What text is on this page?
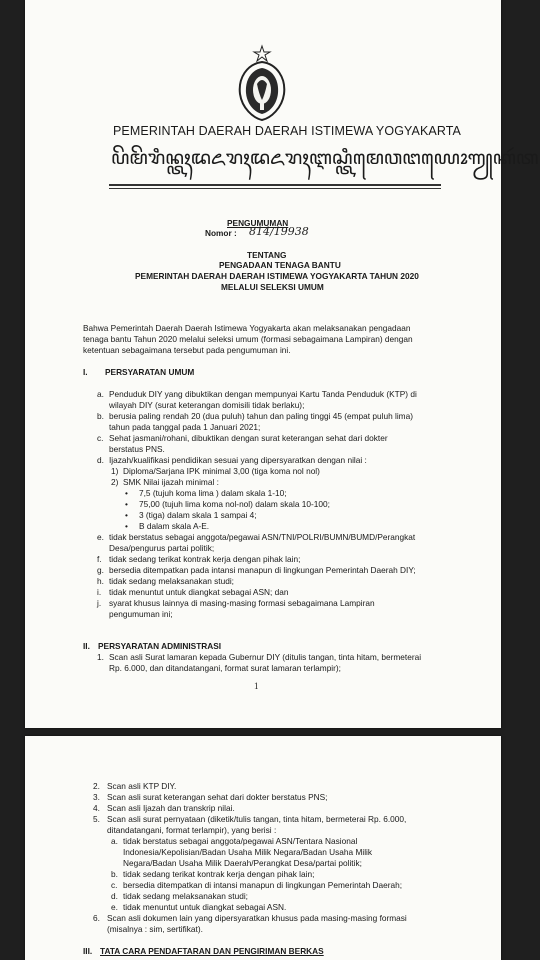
PEMERINTAH DAERAH DAERAH ISTIMEWA YOGYAKARTA
ꦥꦼꦩꦼꦫꦶꦤ꧀ꦠꦃꦢꦌꦫꦃꦢꦌꦫꦃꦆꦱ꧀ꦠꦶꦩꦺꦮꦔꦪꦺꦴꦒꦾꦏꦂꦠ
PENGUMUMAN
Nomor : 814/19938
TENTANG
PENGADAAN TENAGA BANTU
PEMERINTAH DAERAH DAERAH ISTIMEWA YOGYAKARTA TAHUN 2020
MELALUI SELEKSI UMUM
Bahwa Pemerintah Daerah Daerah Istimewa Yogyakarta akan melaksanakan pengadaan
tenaga bantu Tahun 2020 melalui seleksi umum (formasi sebagaimana Lampiran) dengan
ketentuan sebagaimana tersebut pada pengumuman ini.
I. PERSYARATAN UMUM
a. Penduduk DIY yang dibuktikan dengan mempunyai Kartu Tanda Penduduk (KTP) di
wilayah DIY (surat keterangan domisili tidak berlaku);
b. berusia paling rendah 20 (dua puluh) tahun dan paling tinggi 45 (empat puluh lima)
tahun pada tanggal pada 1 Januari 2021;
c. Sehat jasmani/rohani, dibuktikan dengan surat keterangan sehat dari dokter
berstatus PNS.
d. Ijazah/kualifikasi pendidikan sesuai yang dipersyaratkan dengan nilai :
1) Diploma/Sarjana IPK minimal 3,00 (tiga koma nol nol)
2) SMK Nilai ijazah minimal :
• 7,5 (tujuh koma lima ) dalam skala 1-10;
• 75,00 (tujuh lima koma nol-nol) dalam skala 10-100;
• 3 (tiga) dalam skala 1 sampai 4;
• B dalam skala A-E.
e. tidak berstatus sebagai anggota/pegawai ASN/TNI/POLRI/BUMN/BUMD/Perangkat
Desa/pengurus partai politik;
f. tidak sedang terikat kontrak kerja dengan pihak lain;
g. bersedia ditempatkan pada intansi manapun di lingkungan Pemerintah Daerah DIY;
h. tidak sedang melaksanakan studi;
i. tidak menuntut untuk diangkat sebagai ASN; dan
j. syarat khusus lainnya di masing-masing formasi sebagaimana Lampiran
pengumuman ini;
II. PERSYARATAN ADMINISTRASI
1. Scan asli Surat lamaran kepada Gubernur DIY (ditulis tangan, tinta hitam, bermeterai
Rp. 6.000, dan ditandatangani, format surat lamaran terlampir);
1
2. Scan asli KTP DIY.
3. Scan asli surat keterangan sehat dari dokter berstatus PNS;
4. Scan asli Ijazah dan transkrip nilai.
5. Scan asli surat pernyataan (diketik/tulis tangan, tinta hitam, bermeterai Rp. 6.000,
ditandatangani, format terlampir), yang berisi :
a. tidak berstatus sebagai anggota/pegawai ASN/Tentara Nasional
Indonesia/Kepolisian/Badan Usaha Milik Negara/Badan Usaha Milik
Negara/Badan Usaha Milik Daerah/Perangkat Desa/partai politik;
b. tidak sedang terikat kontrak kerja dengan pihak lain;
c. bersedia ditempatkan di intansi manapun di lingkungan Pemerintah Daerah;
d. tidak sedang melaksanakan studi;
e. tidak menuntut untuk diangkat sebagai ASN.
6. Scan asli dokumen lain yang dipersyaratkan khusus pada masing-masing formasi
(misalnya : sim, sertifikat).
III. TATA CARA PENDAFTARAN DAN PENGIRIMAN BERKAS
